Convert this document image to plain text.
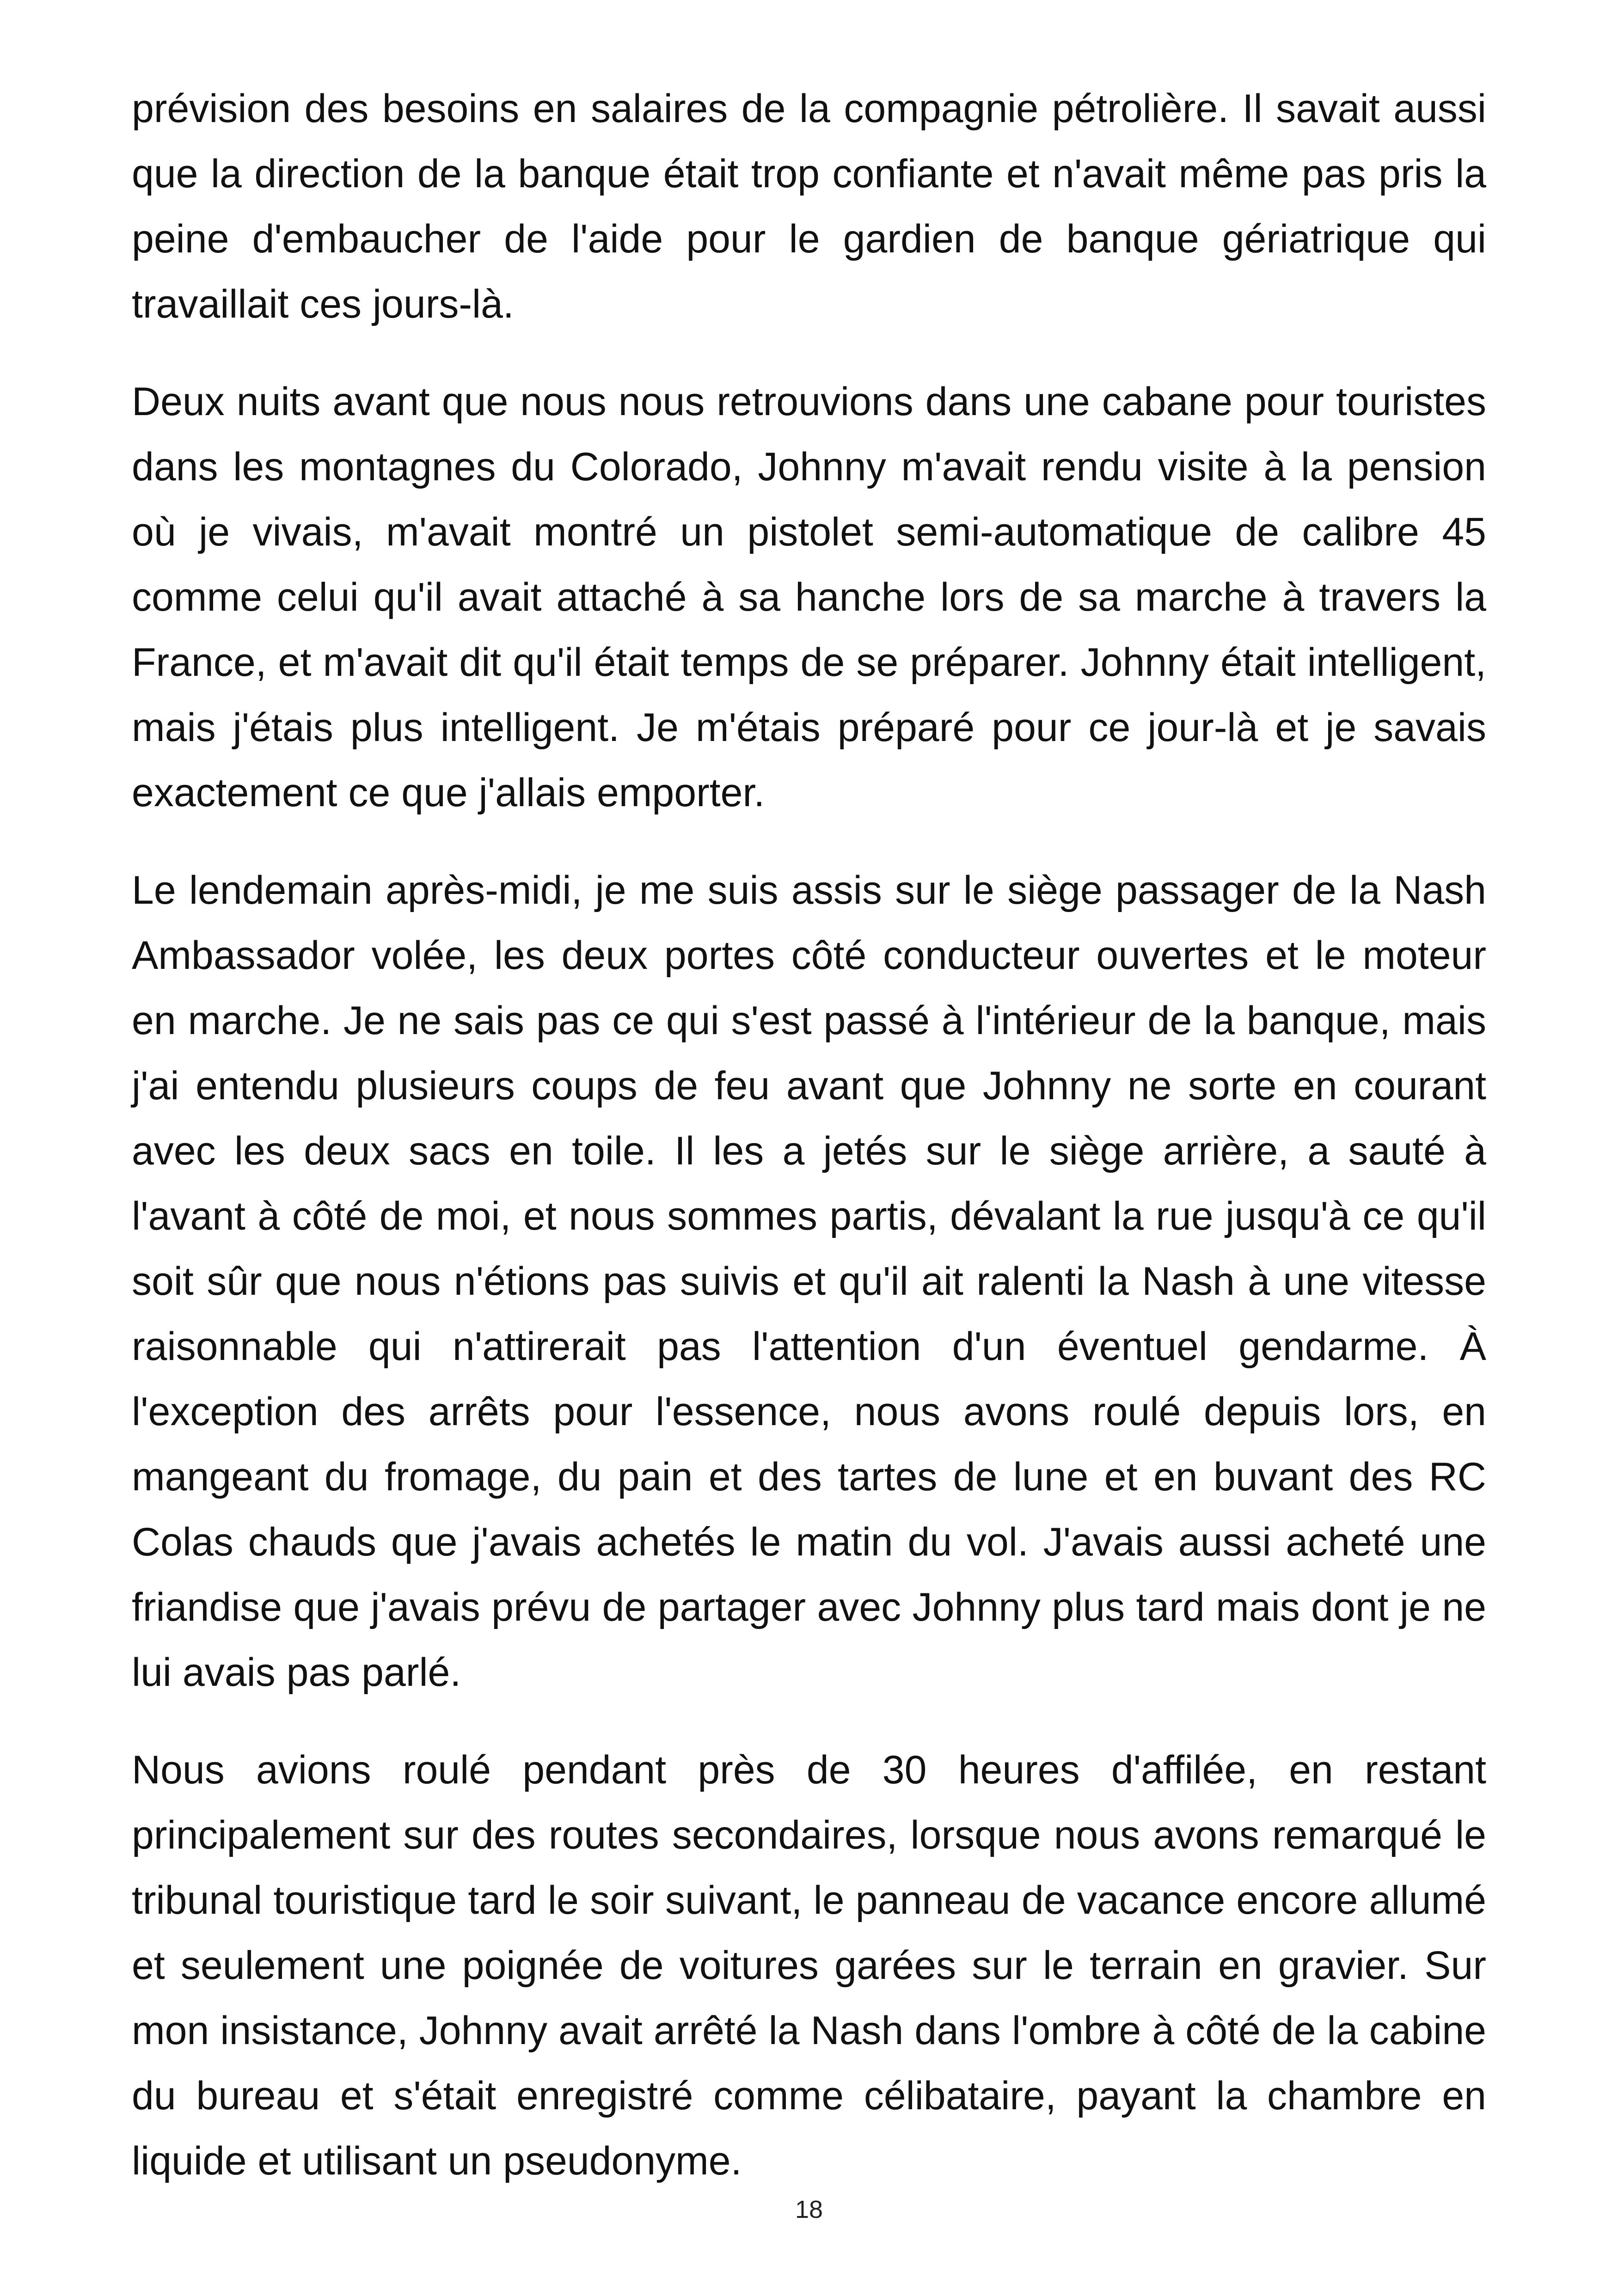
prévision des besoins en salaires de la compagnie pétrolière. Il savait aussi que la direction de la banque était trop confiante et n'avait même pas pris la peine d'embaucher de l'aide pour le gardien de banque gériatrique qui travaillait ces jours-là.

Deux nuits avant que nous nous retrouvions dans une cabane pour touristes dans les montagnes du Colorado, Johnny m'avait rendu visite à la pension où je vivais, m'avait montré un pistolet semi-automatique de calibre 45 comme celui qu'il avait attaché à sa hanche lors de sa marche à travers la France, et m'avait dit qu'il était temps de se préparer. Johnny était intelligent, mais j'étais plus intelligent. Je m'étais préparé pour ce jour-là et je savais exactement ce que j'allais emporter.

Le lendemain après-midi, je me suis assis sur le siège passager de la Nash Ambassador volée, les deux portes côté conducteur ouvertes et le moteur en marche. Je ne sais pas ce qui s'est passé à l'intérieur de la banque, mais j'ai entendu plusieurs coups de feu avant que Johnny ne sorte en courant avec les deux sacs en toile. Il les a jetés sur le siège arrière, a sauté à l'avant à côté de moi, et nous sommes partis, dévalant la rue jusqu'à ce qu'il soit sûr que nous n'étions pas suivis et qu'il ait ralenti la Nash à une vitesse raisonnable qui n'attirerait pas l'attention d'un éventuel gendarme. À l'exception des arrêts pour l'essence, nous avons roulé depuis lors, en mangeant du fromage, du pain et des tartes de lune et en buvant des RC Colas chauds que j'avais achetés le matin du vol. J'avais aussi acheté une friandise que j'avais prévu de partager avec Johnny plus tard mais dont je ne lui avais pas parlé.

Nous avions roulé pendant près de 30 heures d'affilée, en restant principalement sur des routes secondaires, lorsque nous avons remarqué le tribunal touristique tard le soir suivant, le panneau de vacance encore allumé et seulement une poignée de voitures garées sur le terrain en gravier. Sur mon insistance, Johnny avait arrêté la Nash dans l'ombre à côté de la cabine du bureau et s'était enregistré comme célibataire, payant la chambre en liquide et utilisant un pseudonyme.

18
